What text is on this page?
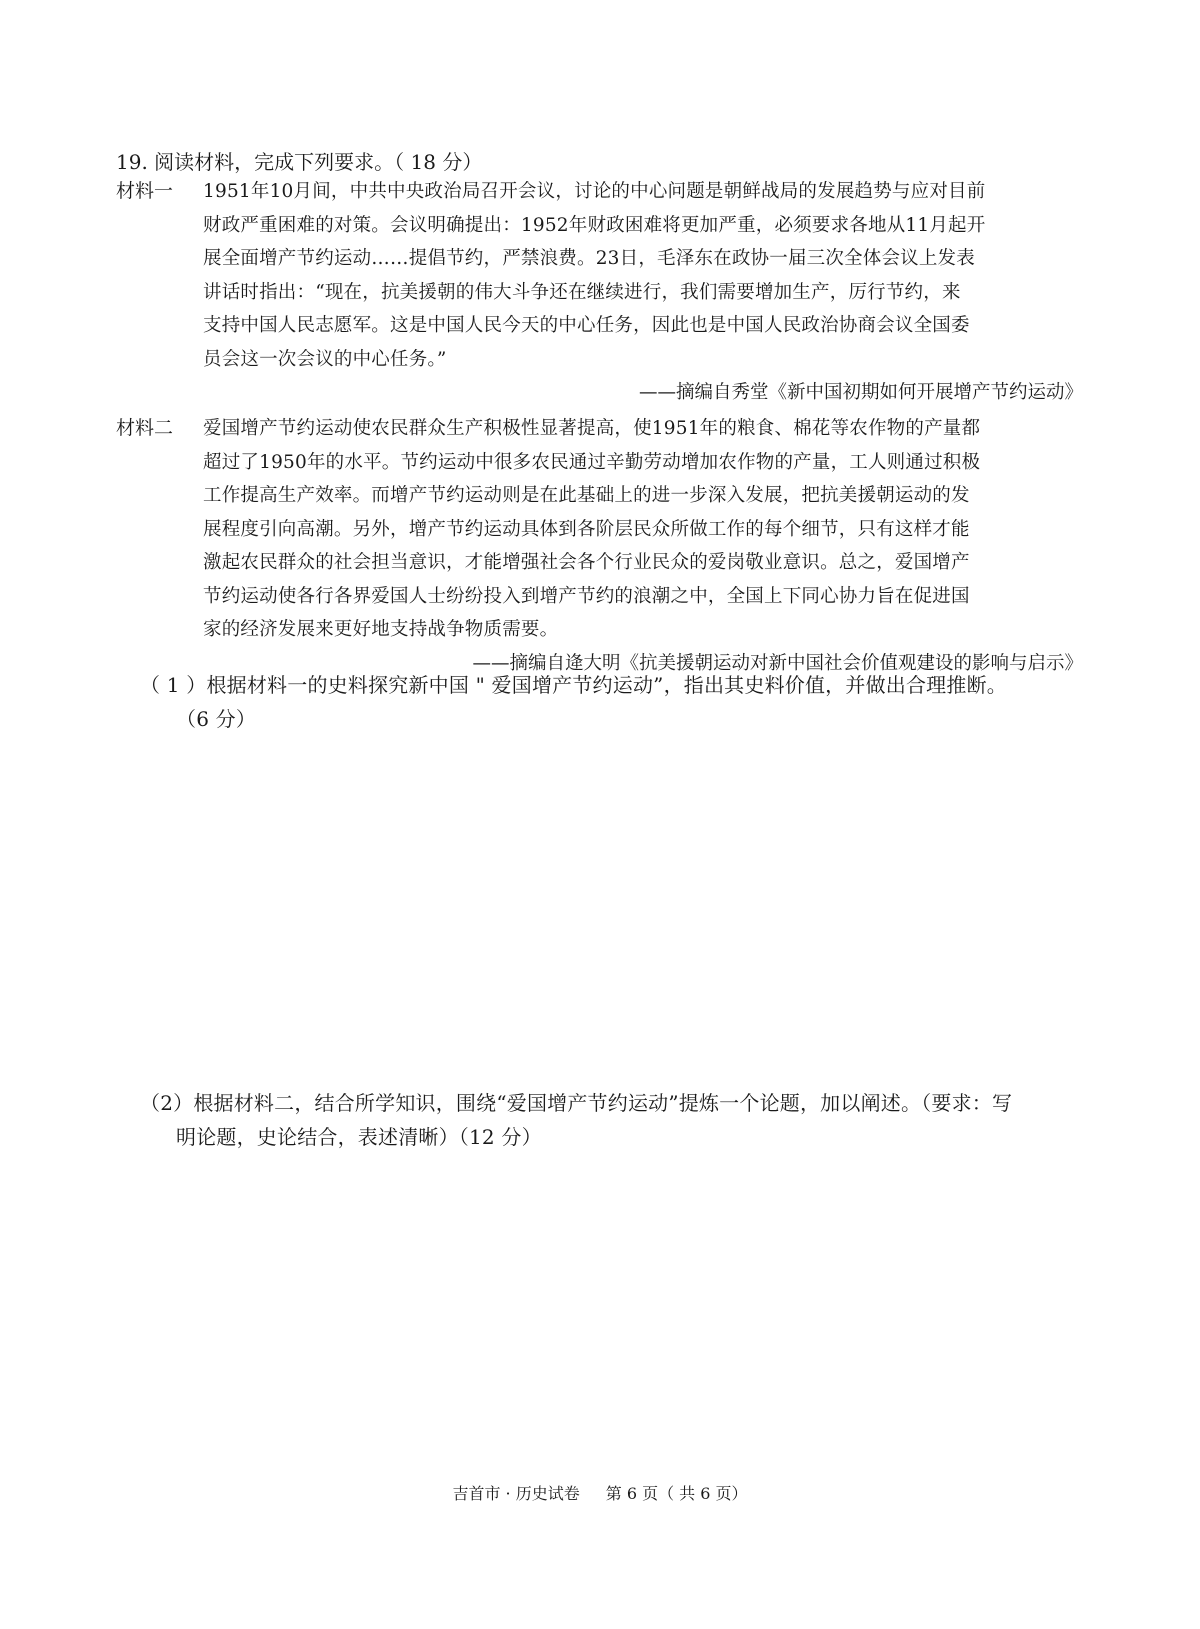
19. 阅读材料，完成下列要求。（ 18 分）
材料一 1951年10月间，中共中央政治局召开会议，讨论的中心问题是朝鲜战局的发展趋势与应对目前
财政严重困难的对策。会议明确提出：1952年财政困难将更加严重，必须要求各地从11月起开
展全面增产节约运动……提倡节约，严禁浪费。23日，毛泽东在政协一届三次全体会议上发表
讲话时指出：“现在，抗美援朝的伟大斗争还在继续进行，我们需要增加生产，厉行节约，来
支持中国人民志愿军。这是中国人民今天的中心任务，因此也是中国人民政治协商会议全国委
员会这一次会议的中心任务。”
——摘编自秀堂《新中国初期如何开展增产节约运动》
材料二 爱国增产节约运动使农民群众生产积极性显著提高，使1951年的粮食、棉花等农作物的产量都
超过了1950年的水平。节约运动中很多农民通过辛勤劳动增加农作物的产量，工人则通过积极
工作提高生产效率。而增产节约运动则是在此基础上的进一步深入发展，把抗美援朝运动的发
展程度引向高潮。另外，增产节约运动具体到各阶层民众所做工作的每个细节，只有这样才能
激起农民群众的社会担当意识，才能增强社会各个行业民众的爱岗敬业意识。总之，爱国增产
节约运动使各行各界爱国人士纷纷投入到增产节约的浪潮之中，全国上下同心协力旨在促进国
家的经济发展来更好地支持战争物质需要。
——摘编自逄大明《抗美援朝运动对新中国社会价值观建设的影响与启示》
（ 1 ）根据材料一的史料探究新中国 " 爱国增产节约运动”，指出其史料价值，并做出合理推断。
（6 分）
（2）根据材料二，结合所学知识，围绕“爱国增产节约运动”提炼一个论题，加以阐述。（要求：写
明论题，史论结合，表述清晰）（12 分）
吉首市 · 历史试卷 第 6 页（ 共 6 页）
